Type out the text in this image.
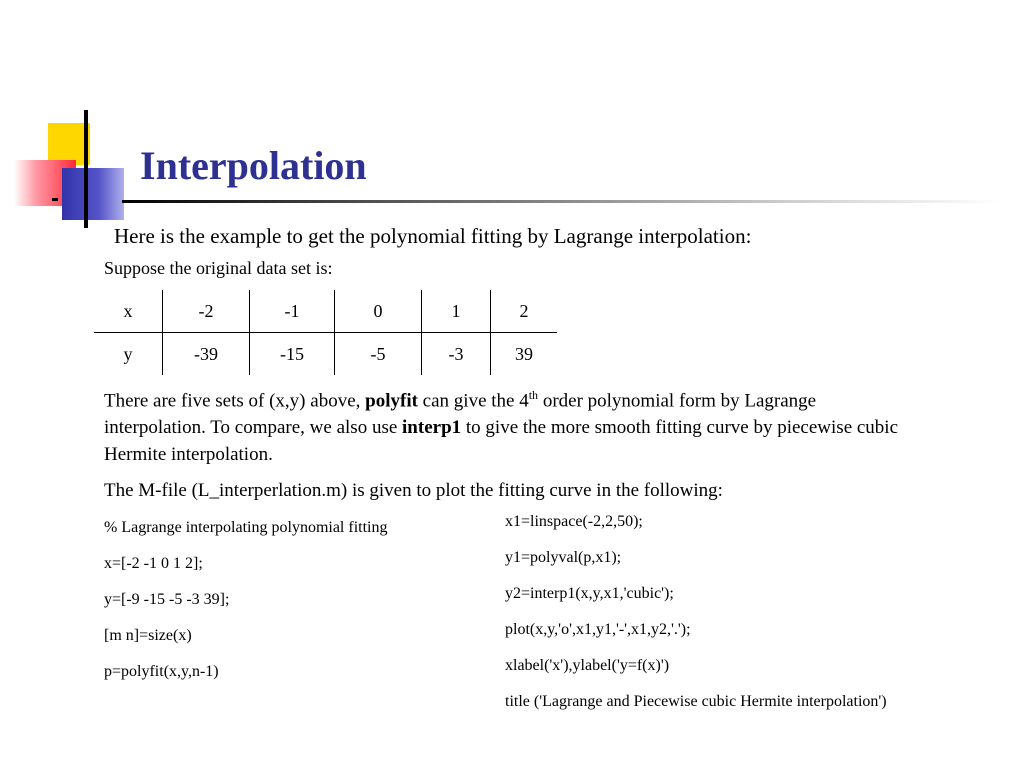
Interpolation

Here is the example to get the polynomial fitting by Lagrange interpolation:

Suppose the original data set is:

x	-2	-1	0	1	2
y	-39	-15	-5	-3	39

There are five sets of (x,y) above, polyfit can give the 4th order polynomial form by Lagrange interpolation. To compare, we also use interp1 to give the more smooth fitting curve by piecewise cubic Hermite interpolation.

The M-file (L_interperlation.m) is given to plot the fitting curve in the following:

% Lagrange interpolating polynomial fitting

x=[-2 -1 0 1 2];

y=[-9 -15 -5 -3 39];

[m n]=size(x)

p=polyfit(x,y,n-1)

x1=linspace(-2,2,50);

y1=polyval(p,x1);

y2=interp1(x,y,x1,'cubic');

plot(x,y,'o',x1,y1,'-',x1,y2,'.');

xlabel('x'),ylabel('y=f(x)')

title ('Lagrange and Piecewise cubic Hermite interpolation')
